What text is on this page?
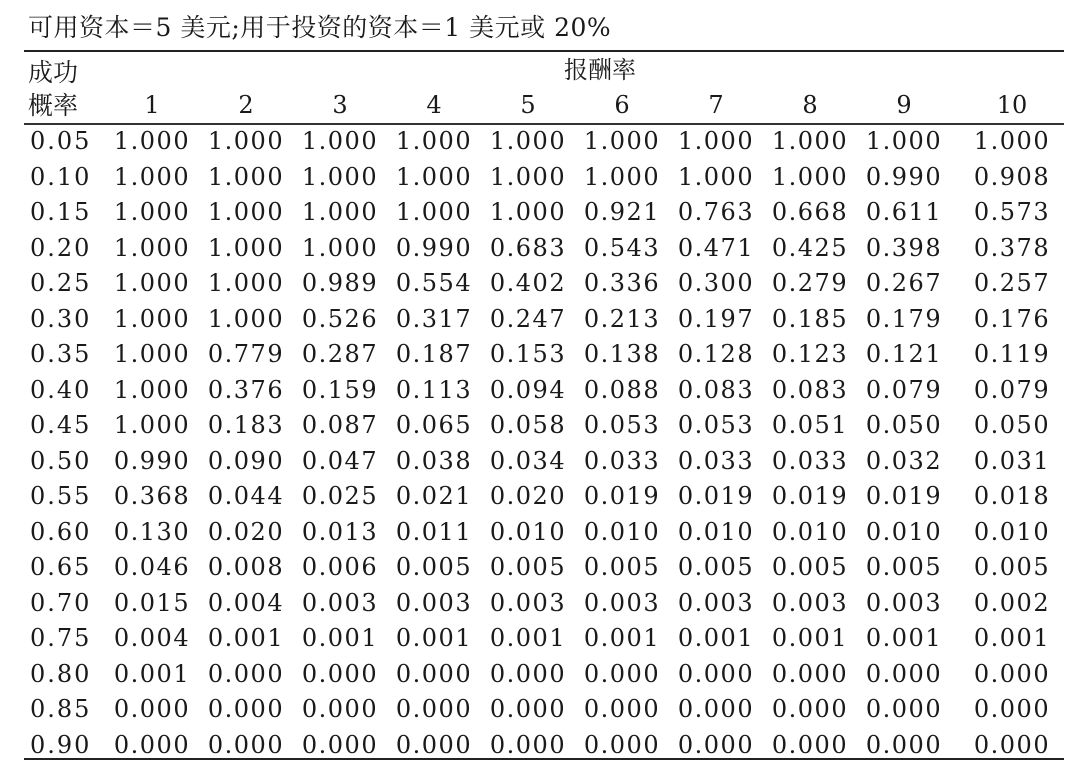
可用资本＝5 美元;用于投资的资本＝1 美元或 20%
成功
概率
报酬率
1	2	3	4	5	6	7	8	9	10
0.05 1.000 1.000 1.000 1.000 1.000 1.000 1.000 1.000 1.000	1.000
0.10 1.000 1.000 1.000 1.000 1.000 1.000 1.000 1.000 0.990	0.908
0.15 1.000 1.000 1.000 1.000 1.000 0.921 0.763 0.668 0.611	0.573
0.20 1.000 1.000 1.000 0.990 0.683 0.543 0.471 0.425 0.398	0.378
0.25 1.000 1.000 0.989 0.554 0.402 0.336 0.300 0.279 0.267	0.257
0.30 1.000 1.000 0.526 0.317 0.247 0.213 0.197 0.185 0.179	0.176
0.35 1.000 0.779 0.287 0.187 0.153 0.138 0.128 0.123 0.121	0.119
0.40 1.000 0.376 0.159 0.113 0.094 0.088 0.083 0.083 0.079	0.079
0.45 1.000 0.183 0.087 0.065 0.058 0.053 0.053 0.051 0.050	0.050
0.50 0.990 0.090 0.047 0.038 0.034 0.033 0.033 0.033 0.032	0.031
0.55 0.368 0.044 0.025 0.021 0.020 0.019 0.019 0.019 0.019	0.018
0.60 0.130 0.020 0.013 0.011 0.010 0.010 0.010 0.010 0.010	0.010
0.65 0.046 0.008 0.006 0.005 0.005 0.005 0.005 0.005 0.005	0.005
0.70 0.015 0.004 0.003 0.003 0.003 0.003 0.003 0.003 0.003	0.002
0.75 0.004 0.001 0.001 0.001 0.001 0.001 0.001 0.001 0.001	0.001
0.80 0.001 0.000 0.000 0.000 0.000 0.000 0.000 0.000 0.000	0.000
0.85 0.000 0.000 0.000 0.000 0.000 0.000 0.000 0.000 0.000	0.000
0.90 0.000 0.000 0.000 0.000 0.000 0.000 0.000 0.000 0.000	0.000
